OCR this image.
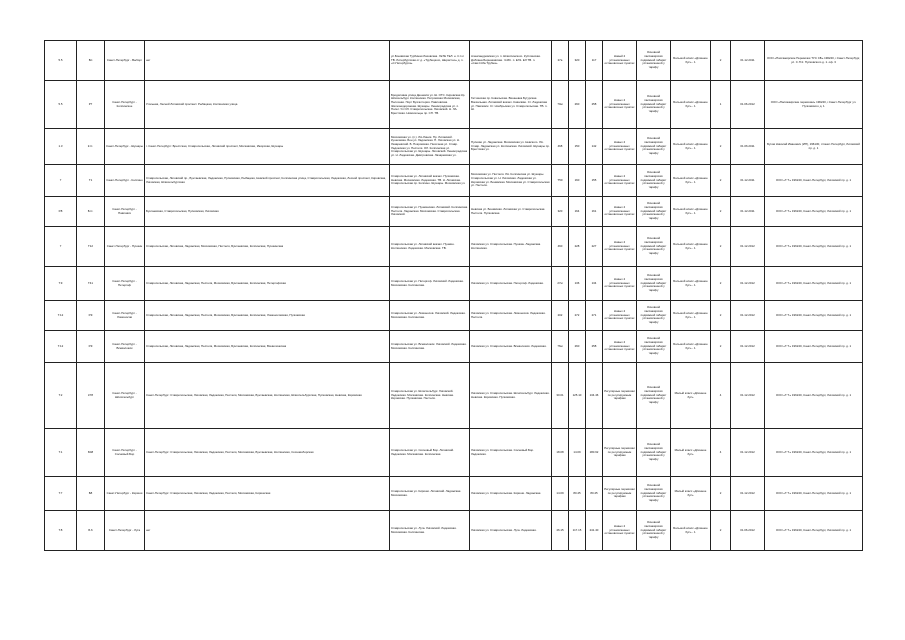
5.5	Вл	Санкт-Петербург - Выборг	нет	ул.Бонявская Турбиная Лаховская. ЛаТЕ ТЕЛ. н. С.1.п ТВ. Литербургская от д. «Трубецкого, Шеристно» д. п. «С.Петербурга»	Александровская ул. п. Шлиспинского. КуСлинская. Доблана Бернаковская. Ч-МС. п. ЕЛ1. ЕЛ ТВ. п. «Сав.Спба.Трубна»	27а	320	117	Новый 4 установленных остановочных пунктах	Основной пассажирских подвижной габарит установленной у тарифу	Большой класс «Длинное бус» - 1	2	01.12.2011	ООО «Пассажирские Перевозки ТУС СБ» 196240, г.Санкт-Петербург, ул. С.П.К. Пулковского д. 1. оф. 3
5.5	Р7	Санкт-Петербург - Колпинское	Угольная, Лесной Лиговский проспект. Рыбацкая, Колпинская улица	Бродиловка улица Дешевля ул. Ш. ОТС. Кировская Кр. Шлисельбург. Колпинская. Петровская Московская, Песочная. Порт Бухгалтерия. Павловская. Железнодорожная. Шушары. Ленинградская ул. п. Полет. Ул ОЛ. Ставропольская. Лиговский. Н. ЛА. Брестская. Новосельцы пр. СП. ТВ.	Гатчинская пр. Ковальская. Вишневка Бугурская. Вокзальная. Лиговский вокзал. Ковалёво. Ст. Ладожская ул. Павловск. Ст. Ноябрьская ул. Ставропольская. ТВ. п. Ш.	70м	260	258	Новых 4 установленных остановочных пунктах	Основной пассажирских подвижной габарит установленной у тарифу	Большой класс «Длинное бус» - 1	1	01.06.2012	ООО «Пассажирские перевозки» 196240, г.Санкт-Петербург ул. Пулковского д. 1
1.3	К.С.	Санкт-Петербург - Шушары	г. Санкт-Петербург: Брестская, Ставропольская, Лиговский проспект, Московская, Ижорская, Шушары	Московская ул. (п.). ЛА-Линия. Пр. Лиговский. Кушелевка. Бон ул. Ладожская. П. Лиговская ул. Н. Лазаревский. Б. Покровская. Песочная ул. Ставр. Ладожская ул. Пестеля. ОЛ. Колпинская ул. Ставропольская ул. Шушары. Лиговский. Ленинградская ул. Н. Ладожская. Дмитровская. Лазаревская ул.	Пулково ул. Ладожская. Московская ул. Невского. ЛА. Ставр. Ладожская ул. Колпинская. Лиговский. Шушары пр. Брестская ул.	468	150	142	Новых 4 установленных остановочных пунктах	Основной пассажирских подвижной габарит установленной у тарифу	Большой класс «Длинное бус» - 1	2	01.06.2011	Бухов Николай Иванович (ИП), 196130, г.Санкт-Петербург, Лиговский пр. д. 1
7	Т1	Санкт-Петербург - Колпино	Ставропольская, Лиговский пр., Бунтаевская, Ладожская, Пулковская, Рыбацкая, Невский проспект, Колпинская улица, Ставропольская, Ладожская, Лесной проспект, Кировская, Лиговская, Шлисельбургская	Ставропольская ул. Лиговский вокзал. Пулковская. Невская. Московская. Ладожская. ТВ. Н. Лиговская. Ставропольская пр. Колпино. Шушары. Московская ул.	Московская ул. Пестеля. ЛА. Колпинская ул. Шушары. Ставропольская ул. Н. Лиговская. Ладожская ул. Кировская ул. Бонявская. Московская ул. Ставропольская ул. Пестеля.	Т50	160	155	Новых 4 установленных остановочных пунктах	Основной пассажирских подвижной габарит установленной у тарифу	Большой класс «Длинное бус» - 1	2	01.12.2011	ООО «Т.Т.» 196240, Санкт-Петербург, Лиговский пр. д. 1
Р.8	Б.С.	Санкт-Петербург - Павловск	Бунтаевская, Ставропольская, Пулковская, Лиговская	Ставропольская ул. Пушкинская. Лиговский. Колпинская. Пестеля. Ладожская. Московская. Ставропольская. Лиговский.	Невская ул. Бонявская. Лиговская ул. Ставропольская. Пестеля. Пулковская.	320	164	161	Новых 4 установленных остановочных пунктах	Основной пассажирских подвижной габарит установленной у тарифу	Большой класс «Длинное бус» - 1	2	01.12.2011	ООО «Т.Т.» 196240, Санкт-Петербург, Лиговский пр. д. 1
7	Т12	Санкт-Петербург - Пушкин	Ставропольская, Лиговская, Ладожская, Московская, Пестеля, Бунтаевская, Колпинская, Пушкинская	Ставропольская ул. Лиговский вокзал. Пушкин. Колпинская. Ладожская. Московская. ТВ.	Лиговская ул. Ставропольская. Пушкин. Ладожская. Колпинская.	460	228	227	Новых 4 установленных остановочных пунктах	Основной пассажирских подвижной габарит установленной у тарифу	Большой класс «Длинное бус» - 1	2	01.12.2012	ООО «Т.Т.» 196240, Санкт-Петербург, Лиговский пр. д. 1
Т.9	Т41	Санкт-Петербург - Петергоф	Ставропольская, Лиговская, Ладожская, Пестеля, Московская, Бунтаевская, Колпинская, Петергофская	Ставропольская ул. Петергоф. Лиговский. Ладожская. Московская. Колпинская.	Лиговская ул. Ставропольская. Петергоф. Ладожская.	27м	136	134	Новых 4 установленных остановочных пунктах	Основной пассажирских подвижной габарит установленной у тарифу	Большой класс «Длинное бус» - 1	2	01.12.2012	ООО «Т.Т.» 196240, Санкт-Петербург, Лиговский пр. д. 1
Т.12	Р.9	Санкт-Петербург - Ломоносов	Ставропольская, Лиговская, Ладожская, Пестеля, Московская, Бунтаевская, Колпинская, Ломоносовская, Пулковская	Ставропольская ул. Ломоносов. Лиговский. Ладожская. Московская. Колпинская.	Лиговская ул. Ставропольская. Ломоносов. Ладожская. Пестеля.	202	272	271	Новых 4 установленных остановочных пунктах	Основной пассажирских подвижной габарит установленной у тарифу	Большой класс «Длинное бус» - 1	2	01.12.2012	ООО «Т.Т.» 196240, Санкт-Петербург, Лиговский пр. д. 1
Т.12	Р.9	Санкт-Петербург - Всеволожск	Ставропольская, Лиговская, Ладожская, Пестеля, Московская, Бунтаевская, Колпинская, Всеволожская	Ставропольская ул. Всеволожск. Лиговский. Ладожская. Московская. Колпинская.	Лиговская ул. Ставропольская. Всеволожск. Ладожская.	76м	260	258	Новых 4 установленных остановочных пунктах	Основной пассажирских подвижной габарит установленной у тарифу	Большой класс «Длинное бус» - 1	2	01.12.2012	ООО «Т.Т.» 196240, Санкт-Петербург, Лиговский пр. д. 1
Т.2	К78	Санкт-Петербург - Шлиссельбург	Санкт-Петербург: Ставропольская, Лиговская, Ладожская, Пестеля, Московская, Бунтаевская, Колпинская, Шлиссельбургская, Пулковская, Невская, Кировская	Ставропольская ул. Шлиссельбург. Лиговский. Ладожская. Московская. Колпинская. Невская. Кировская. Пулковская. Пестеля.	Лиговская ул. Ставропольская. Шлиссельбург. Ладожская. Невская. Кировская. Пулковская.	30.01	125.10	134.46	Регулярные перевозки по регулируемым тарифам	Основной пассажирских подвижной габарит установленной у тарифу	Малый класс «Длинное бус»	4	01.12.2012	ООО «Т.Т.» 196240, Санкт-Петербург, Лиговский пр. д. 1
Т.1	Б48	Санкт-Петербург - Сосновый Бор	Санкт-Петербург: Ставропольская, Лиговская, Ладожская, Пестеля, Московская, Бунтаевская, Колпинская, Сосновоборская	Ставропольская ул. Сосновый Бор. Лиговский. Ладожская. Московская. Колпинская.	Лиговская ул. Ставропольская. Сосновый Бор. Ладожская.	18.08	14.09	180.62	Регулярные перевозки по регулируемым тарифам	Основной пассажирских подвижной габарит установленной у тарифу	Малый класс «Длинное бус»	4	01.12.2012	ООО «Т.Т.» 196240, Санкт-Петербург, Лиговский пр. д. 1
Т.7	Б8	Санкт-Петербург - Кириши	Санкт-Петербург: Ставропольская, Лиговская, Ладожская, Пестеля, Московская, Киришская	Ставропольская ул. Кириши. Лиговский. Ладожская. Московская.	Лиговская ул. Ставропольская. Кириши. Ладожская.	14.09	80.45	80.45	Регулярные перевозки по регулируемым тарифам	Основной пассажирских подвижной габарит установленной у тарифу	Малый класс «Длинное бус»	2	01.12.2012	ООО «Т.Т.» 196240, Санкт-Петербург, Лиговский пр. д. 1
Т.8	Б.6	Санкт-Петербург - Луга	нет	Ставропольская ул. Луга. Лиговский. Ладожская. Московская. Колпинская.	Лиговская ул. Ставропольская. Луга. Ладожская.	46.15	117.15	241.40	Новых 4 установленных остановочных пунктах	Основной пассажирских подвижной габарит установленной у тарифу	Большой класс «Длинное бус» - 1	2	01.06.2012	ООО «Т.Т.» 196240, Санкт-Петербург, Лиговский пр. д. 1
